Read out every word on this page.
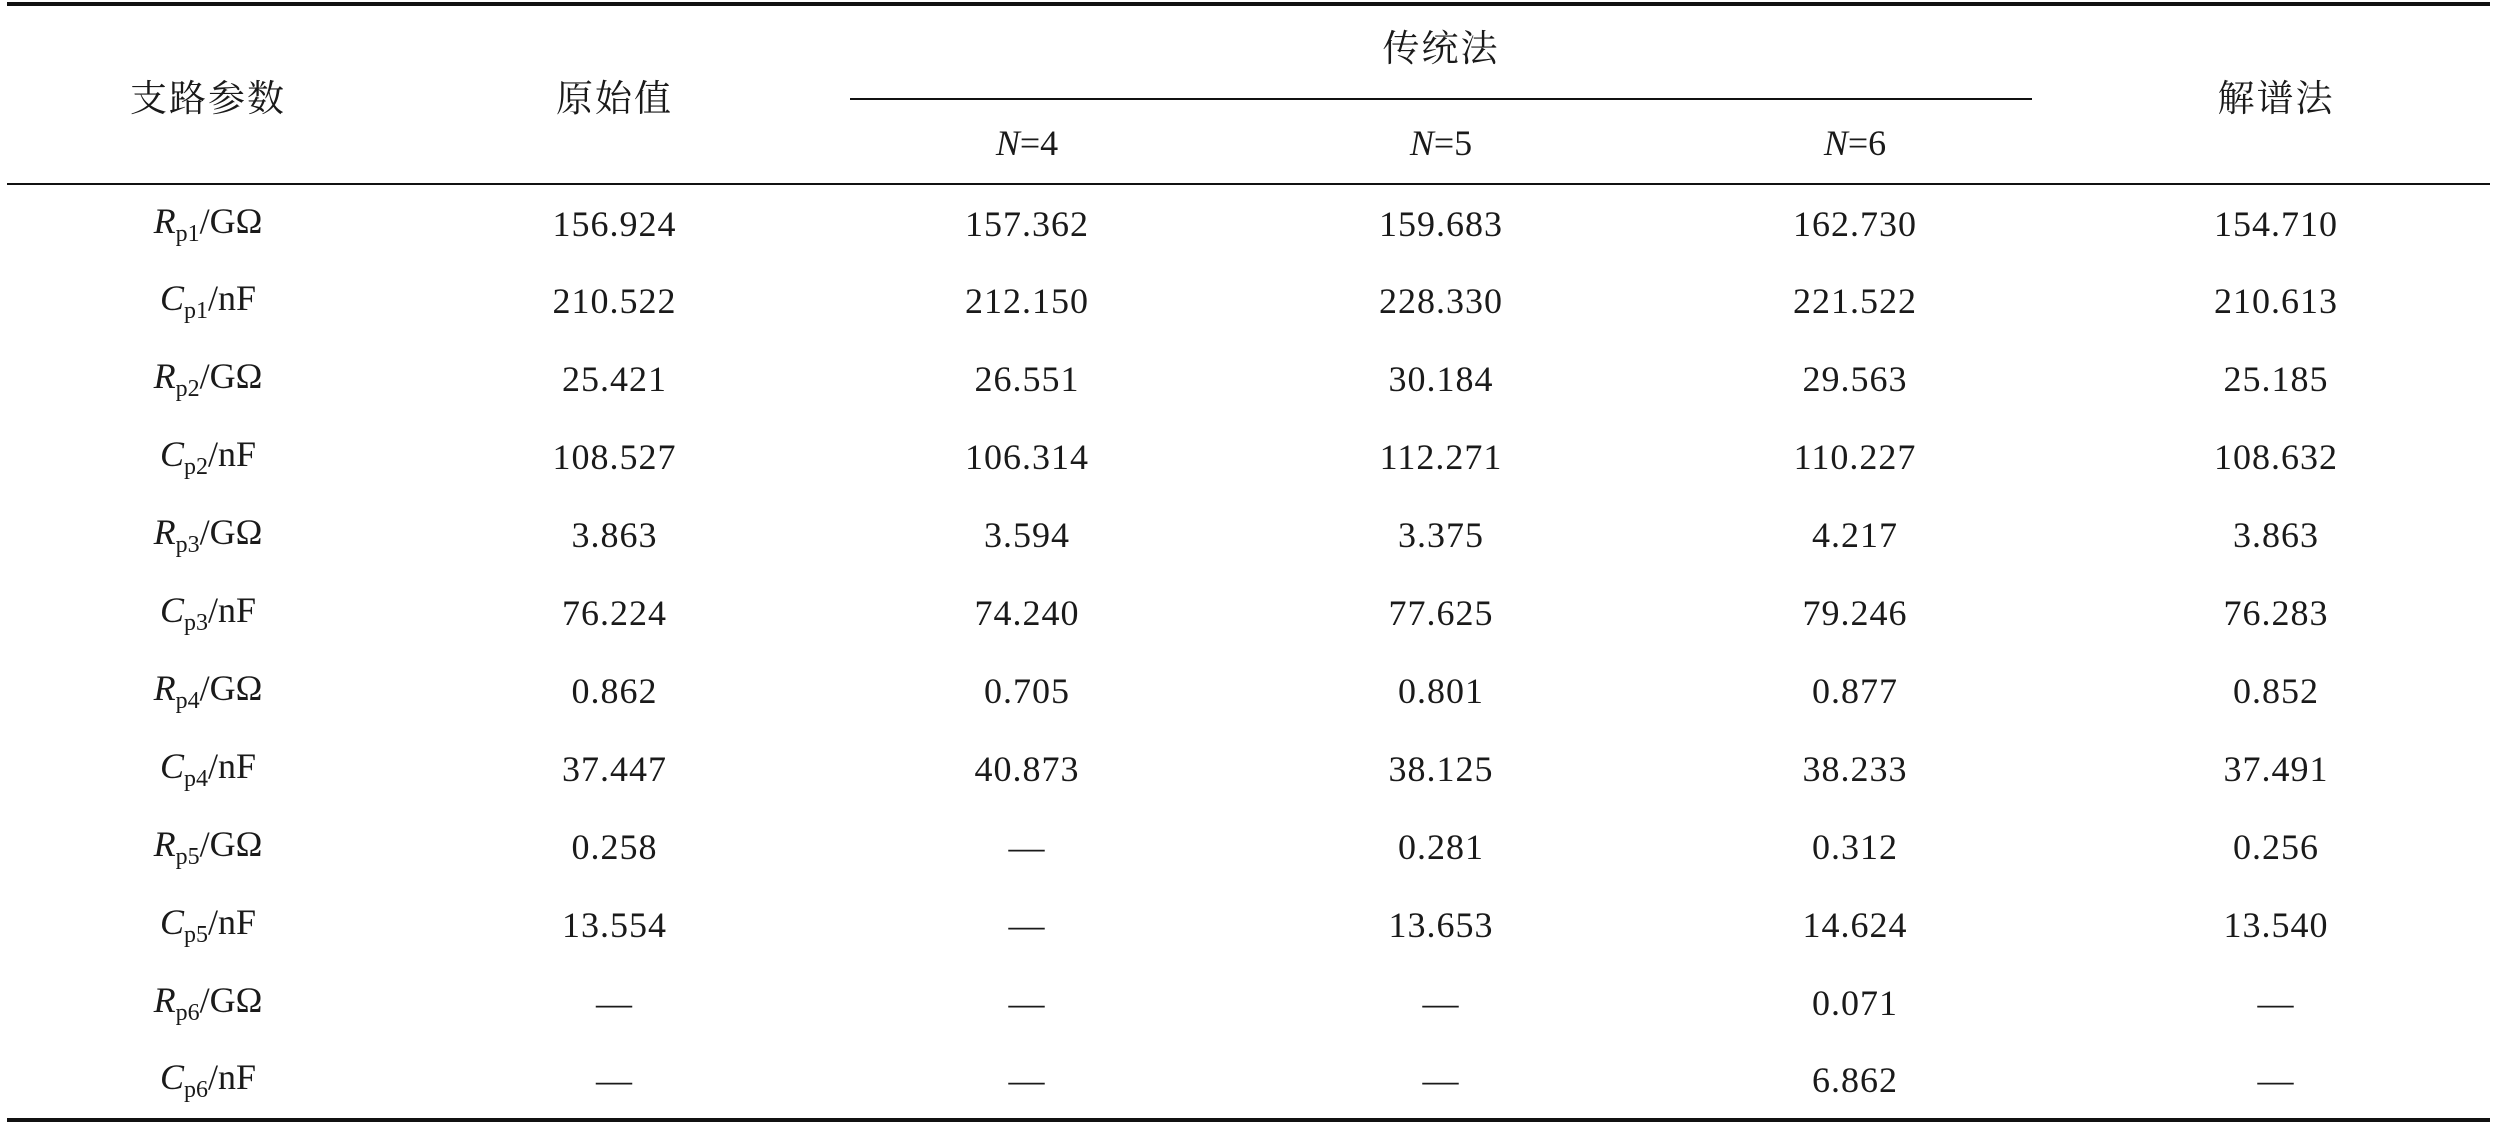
支路参数	原始值	传统法			解谱法
		N=4	N=5	N=6	
$R_{p1}/G\Omega$	156.924	157.362	159.683	162.730	154.710
$C_{p1}/nF$	210.522	212.150	228.330	221.522	210.613
$R_{p2}/G\Omega$	25.421	26.551	30.184	29.563	25.185
$C_{p2}/nF$	108.527	106.314	112.271	110.227	108.632
$R_{p3}/G\Omega$	3.863	3.594	3.375	4.217	3.863
$C_{p3}/nF$	76.224	74.240	77.625	79.246	76.283
$R_{p4}/G\Omega$	0.862	0.705	0.801	0.877	0.852
$C_{p4}/nF$	37.447	40.873	38.125	38.233	37.491
$R_{p5}/G\Omega$	0.258	—	0.281	0.312	0.256
$C_{p5}/nF$	13.554	—	13.653	14.624	13.540
$R_{p6}/G\Omega$	—	—	—	0.071	—
$C_{p6}/nF$	—	—	—	6.862	—
